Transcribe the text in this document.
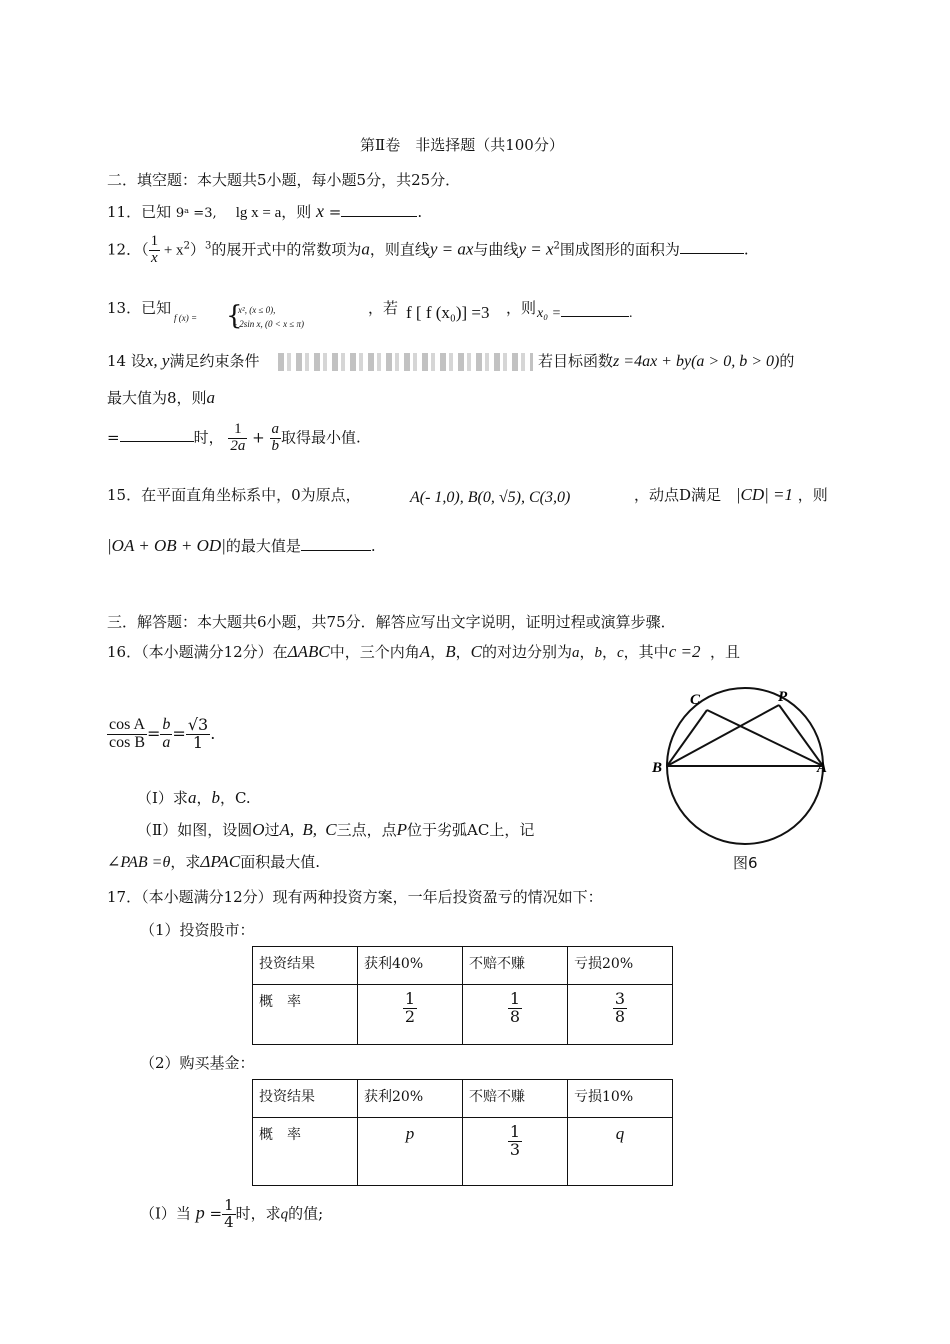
第Ⅱ卷　非选择题（共100分）
二．填空题：本大题共5小题，每小题5分，共25分．
11．已知 9ᵃ =3, lg x = a，则 x =	.
12．（ $\frac{1}{x} + x^2)^3$的展开式中的常数项为a，则直线y = ax与曲线$y = x^2$围成图形的面积为	.
13．已知
f (x) = {
x², (x ≤ 0),
- 2sin x, (0 < x ≤ π)
，若 f [ f (x₀)] =3 ，则 x₀ =	.
14 设x, y满足约束条件	若目标函数z =4ax + by(a > 0, b > 0)的
最大值为8，则a
=	时， $\frac{1}{2a} + \frac{a}{b}$ 取得最小值.
15．在平面直角坐标系中，0为原点，	A(- 1,0), B(0, √5), C(3,0)	，动点D满足 |CD| =1 ，则
|OA + OB + OD|的最大值是	.
三．解答题：本大题共6小题，共75分．解答应写出文字说明，证明过程或演算步骤．
16．（本小题满分12分）在ΔABC中，三个内角A，B，C的对边分别为a，b，c，其中c =2 ，且
$\frac{\text{cos A}}{\text{cos B}} = \frac{b}{a} = \frac{√3}{1}$ .
（Ⅰ）求a，b，C.
（Ⅱ）如图，设圆O过A, B, C三点，点P位于劣弧AC上，记
∠PAB =θ，求ΔPAC面积最大值.
C	P
B	A
图6
17．（本小题满分12分）现有两种投资方案，一年后投资盈亏的情况如下：
（1）投资股市：
投资结果	获利40%	不赔不赚	亏损20%
概　率	$\frac{1}{2}$	$\frac{1}{8}$	$\frac{3}{8}$
（2）购买基金：
投资结果	获利20%	不赔不赚	亏损10%
概　率	p	$\frac{1}{3}$	q
（Ⅰ）当 $p = \frac{1}{4}$ 时，求q的值;
